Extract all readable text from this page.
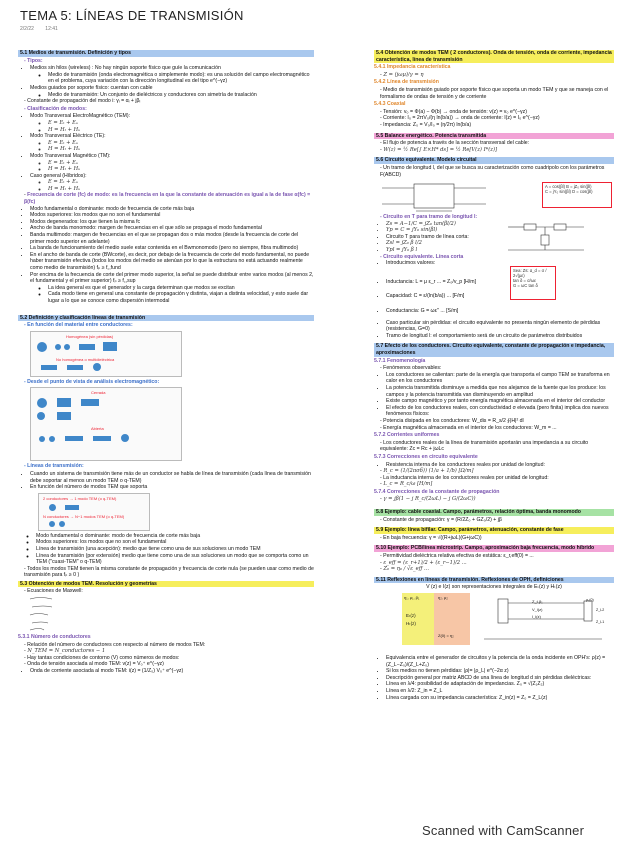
TEMA 5: LÍNEAS DE TRANSMISIÓN
2/2/22 12:41
5.1 Medios de transmisión. Definición y tipos
- Tipos:
• Medios sin hilos (wireless) : No hay ningún soporte físico que guíe la comunicación
◦ Medio de transmisión (onda electromagnética o simplemente modo): es una solución del campo electromagnético en el problema, cuya variación con la dirección longitudinal es del tipo e^(−γz)
• Medios guiados por soporte físico: cuentan con cable
◦ Medio de transmisión: Un conjunto de dieléctricos y conductores con simetría de traslación
- Constante de propagación del modo i: γᵢ = αᵢ + jβᵢ
- Clasificación de modos:
• Modo Transversal ElectroMagnético (TEM):
◦ E = Eₜ + Eᵤ
◦ H = Hₜ + Hᵤ
• Modo Transversal Eléctrico (TE):
◦ E = Eₜ + Eᵤ
◦ H = Hₜ + Hᵤ
• Modo Transversal Magnético (TM):
◦ E = Eₜ + Eᵤ
◦ H = Hₜ + Hᵤ
• Caso general (Híbridos):
◦ E = Eₜ + Eᵤ
◦ H = Hₜ + Hᵤ
- Frecuencia de corte (fc) de modo: es la frecuencia en la que la constante de atenuación es igual a la de fase α(fc) = β(fc)
• Modo fundamental o dominante: modo de frecuencia de corte más baja
• Modos superiores: los modos que no son el fundamental
• Modos degenerados: los que tienen la misma fc
• Ancho de banda monomodo: margen de frecuencias en el que sólo se propaga el modo fundamental
• Banda multimodo: margen de frecuencias en el que se propagan dos o más modos (desde la frecuencia de corte del primer modo superior en adelante)
• La banda de funcionamiento del medio suele estar contenida en el Bwmonomodo (pero no siempre, fibra multimodo)
• En el ancho de banda de corte (BWcorte), es decir, por debajo de la frecuencia de corte del modo fundamental, no puede haber transmisión efectiva (todos los modos del medio se atenúan por lo que la estructura no está actuando realmente como medio de transmisión) fₚ ≥ f꜀,fund
• Por encima de la frecuencia de corte del primer modo superior, la señal se puede distribuir entre varios modos (al menos 2, el fundamental y el primer superior) fₚ ≥ f꜀,sup
◦ La idea general es que el generador y la carga determinan que modos se excitan
◦ Cada modo tiene en general una constante de propagación γ distinta, viajan a distinta velocidad, y esto suele dar lugar a lo que se conoce como dispersión intermodal
5.2 Definición y clasificación líneas de transmisión
- En función del material entre conductores:
Homogénea (sin pérdidas)
No homogénea o multidieléctrica
- Desde el punto de vista de análisis electromagnético:
Cerrada
Abierta
- Líneas de transmisión:
• Cuando un sistema de transmisión tiene más de un conductor se habla de línea de transmisión (cada línea de transmisión debe soportar al menos un modo TEM o q-TEM)
• En función del número de modos TEM que soporta
2 conductores → 1 modo TEM (o q-TEM)
N conductores → N−1 modos TEM (o q-TEM)
◦ Modo fundamental o dominante: modo de frecuencia de corte más baja
◦ Modos superiores: los modos que no son el fundamental
◦ Línea de transmisión (una acepción): medio que tiene como una de sus soluciones un modo TEM
◦ Línea de transmisión (por extensión) medio que tiene como una de sus soluciones un modo que se comporta como un TEM ("cuasi-TEM" o q-TEM)
- Todos los modos TEM tienen la misma constante de propagación y frecuencia de corte nula (se pueden usar como medio de transmisión para fₚ ≥ 0 )
5.3 Obtención de modos TEM. Resolución y geometrías
- Ecuaciones de Maxwell:
5.3.1 Número de conductores
- Relación del número de conductores con respecto al número de modos TEM:
- N_TEM = N_conductores − 1
- Hay tantas condiciones de contorno (V) como números de modos:
- Onda de tensión asociada al modo TEM: v(z) = V₀⁺ e^(−γz)
• Onda de corriente asociada al modo TEM: i(z) = (1/Z₀) V₀⁺ e^(−γz)
5.4 Obtención de modos TEM ( 2 conductores). Onda de tensión, onda de corriente, impedancia característica, línea de transmisión
5.4.1 Impedancia característica
- Z = (jωμ)/γ = η
5.4.2 Línea de transmisión
- Medio de transmisión guiado por soporte físico que soporta un modo TEM y que se maneja con el formalismo de ondas de tensión y de corriente
5.4.3 Coaxial
- Tensión: v₀ = Φ(a) − Φ(b) → onda de tensión: v(z) = v₀ e^(−γz)
- Corriente: I₀ = 2πV₀/(η ln(b/a)) → onda de corriente: I(z) = I₀ e^(−γz)
- Impedancia: Z₀ = V₀/I₀ = (η/2π) ln(b/a)
5.5 Balance energético. Potencia transmitida
- El flujo de potencia a través de la sección transversal del cable:
- W(z) = ½ Re[∫ E×H* ds] = ½ Re[V(z) I*(z)]
5.6 Circuito equivalente. Modelo circuital
- Un tramo de longitud l, del que se busca su caracterización como cuadripolo con los parámetros F(ABCD)
A = cos(βl) B = jZ₀ sin(βl)
C = jY₀ sin(βl) D = cos(βl)
- Circuito en T para tramo de longitud l:
• Zs = A−1/C = jZ₀ tan(βl/2)
• Yp = C = jY₀ sin(βl)
• Circuito T para tramo de línea corta:
• Zsl = jZ₀ β l/2
• Ypl = jY₀ β l
- Circuito equivalente. Línea corta
• Introducimos valores:
• Inductancia: L = μ ε_r ... = Z₀/v_p [H/m]
• Capacidad: C = ε/(ln(b/a)) ... [F/m]
• Conductancia: G = ωε'' ... [S/m]
• Caso particular sin pérdidas: el circuito equivalente no presenta ningún elemento de pérdidas (resistencias, G=0)
• Tramo de longitud l: el comportamiento será de un circuito de parámetros distribuidos
Sea: Zs: α_d = σ / 2√(με)
tan δ = σ/ωε
G = ωC tan δ
5.7 Efecto de los conductores. Circuito equivalente, constante de propagación e impedancia, aproximaciones
5.7.1 Fenomenología
- Fenómenos observables:
• Los conductores se calientan: parte de la energía que transporta el campo TEM se transforma en calor en los conductores
• La potencia transmitida disminuye a medida que nos alejamos de la fuente que los produce: los campos y la potencia transmitida van disminuyendo en amplitud
• Existe campo magnético y por tanto energía magnética almacenada en el interior del conductor
• El efecto de los conductores reales, con conductividad σ elevada (pero finita) implica dos nuevos fenómenos físicos:
- Potencia disipada en los conductores: W_dis = R_s/2 ∮|H|² dl
- Energía magnética almacenada en el interior de los conductores: W_m = ...
5.7.2 Corrientes uniformes
- Los conductores reales de la línea de transmisión aportarán una impedancia a su circuito equivalente: Zc = Rc + jωLc
5.7.3 Correcciones en circuito equivalente
• Resistencia interna de los conductores reales por unidad de longitud:
- R_c = (1/(2πσδ)) (1/a + 1/b) [Ω/m]
- La inductancia interna de los conductores reales por unidad de longitud:
- L_c = R_c/ω [H/m]
5.7.4 Correcciones de la constante de propagación
- γ = jβ(1 − j R_c/(2ωL) − j G/(2ωC))
5.8 Ejemplo: cable coaxial. Campo, parámetros, relación óptima, banda monomodo
- Constante de propagación: γ = (R/2Z₀ + GZ₀/2) + jβ
5.9 Ejemplo: línea bifilar. Campo, parámetros, atenuación, constante de fase
- En baja frecuencia: γ = √((R+jωL)(G+jωC))
5.10 Ejemplo: PCB/línea microstrip. Campo, aproximación baja frecuencia, modo híbrido
- Permitividad dieléctrica relativa efectiva de estática: ε_r,eff(0) = ...
- ε_eff = (ε_r+1)/2 + (ε_r−1)/2 ...
- Z₀ = η₀ / √ε_eff ...
5.11 Reflexiones en líneas de transmisión. Reflexiones de OPH, definiciones
V (z) e I(z) son representaciones integrales de Eₜ(z) y Hₜ(z)
η₁, μ₁, β₁	η₂, μ₂
Eₜ(z)
Hₜ(z)
Z(0) = η₂
Z_t,β₁
V_i(z)
I_i(z)
ρ₁(0)
Z_L2
Z_L1
• Equivalencia entre el generador de circuitos y la potencia de la onda incidente en OPH's: ρ(z) = (Z_L−Z₀)/(Z_L+Z₀)
• Si los medios no tienen pérdidas: |ρ|= |ρ_L| e^(−2α z)
• Descripción general por matriz ABCD de una línea de longitud d sin pérdidas dieléctricas:
• Línea en λ/4: posibilidad de adaptación de impedancias. Z₀ = √(Z₁Z₂)
• Línea en λ/2: Z_in = Z_L
• Línea cargada con su impedancia característica: Z_in(z) = Z₀ = Z_L(z)
Scanned with CamScanner
